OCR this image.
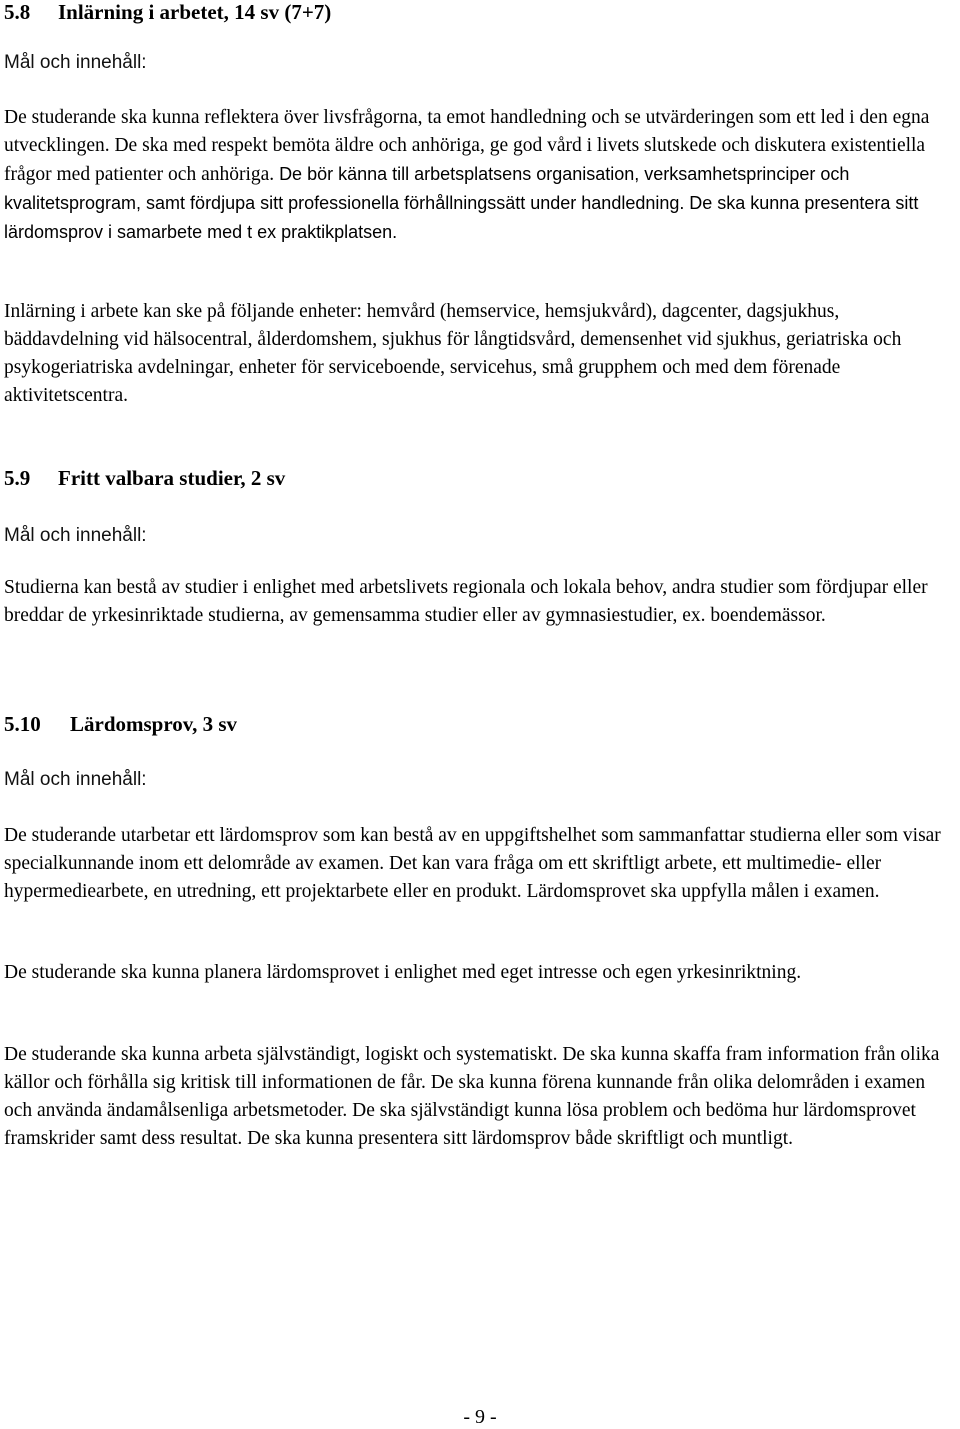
5.8 Inlärning i arbetet, 14 sv (7+7)

Mål och innehåll:

De studerande ska kunna reflektera över livsfrågorna, ta emot handledning och se utvärderingen som ett led i den egna utvecklingen. De ska med respekt bemöta äldre och anhöriga, ge god vård i livets slutskede och diskutera existentiella frågor med patienter och anhöriga. De bör känna till arbetsplatsens organisation, verksamhetsprinciper och kvalitetsprogram, samt fördjupa sitt professionella förhållningssätt under handledning. De ska kunna presentera sitt lärdomsprov i samarbete med t ex praktikplatsen.

Inlärning i arbete kan ske på följande enheter: hemvård (hemservice, hemsjukvård), dagcenter, dagsjukhus, bäddavdelning vid hälsocentral, ålderdomshem, sjukhus för långtidsvård, demensenhet vid sjukhus, geriatriska och psykogeriatriska avdelningar, enheter för serviceboende, servicehus, små grupphem och med dem förenade aktivitetscentra.

5.9 Fritt valbara studier, 2 sv

Mål och innehåll:

Studierna kan bestå av studier i enlighet med arbetslivets regionala och lokala behov, andra studier som fördjupar eller breddar de yrkesinriktade studierna, av gemensamma studier eller av gymnasiestudier, ex. boendemässor.

5.10 Lärdomsprov, 3 sv

Mål och innehåll:

De studerande utarbetar ett lärdomsprov som kan bestå av en uppgiftshelhet som sammanfattar studierna eller som visar specialkunnande inom ett delområde av examen. Det kan vara fråga om ett skriftligt arbete, ett multimedie- eller hypermediearbete, en utredning, ett projektarbete eller en produkt. Lärdomsprovet ska uppfylla målen i examen.

De studerande ska kunna planera lärdomsprovet i enlighet med eget intresse och egen yrkesinriktning.

De studerande ska kunna arbeta självständigt, logiskt och systematiskt. De ska kunna skaffa fram information från olika källor och förhålla sig kritisk till informationen de får. De ska kunna förena kunnande från olika delområden i examen och använda ändamålsenliga arbetsmetoder. De ska självständigt kunna lösa problem och bedöma hur lärdomsprovet framskrider samt dess resultat. De ska kunna presentera sitt lärdomsprov både skriftligt och muntligt.

- 9 -
